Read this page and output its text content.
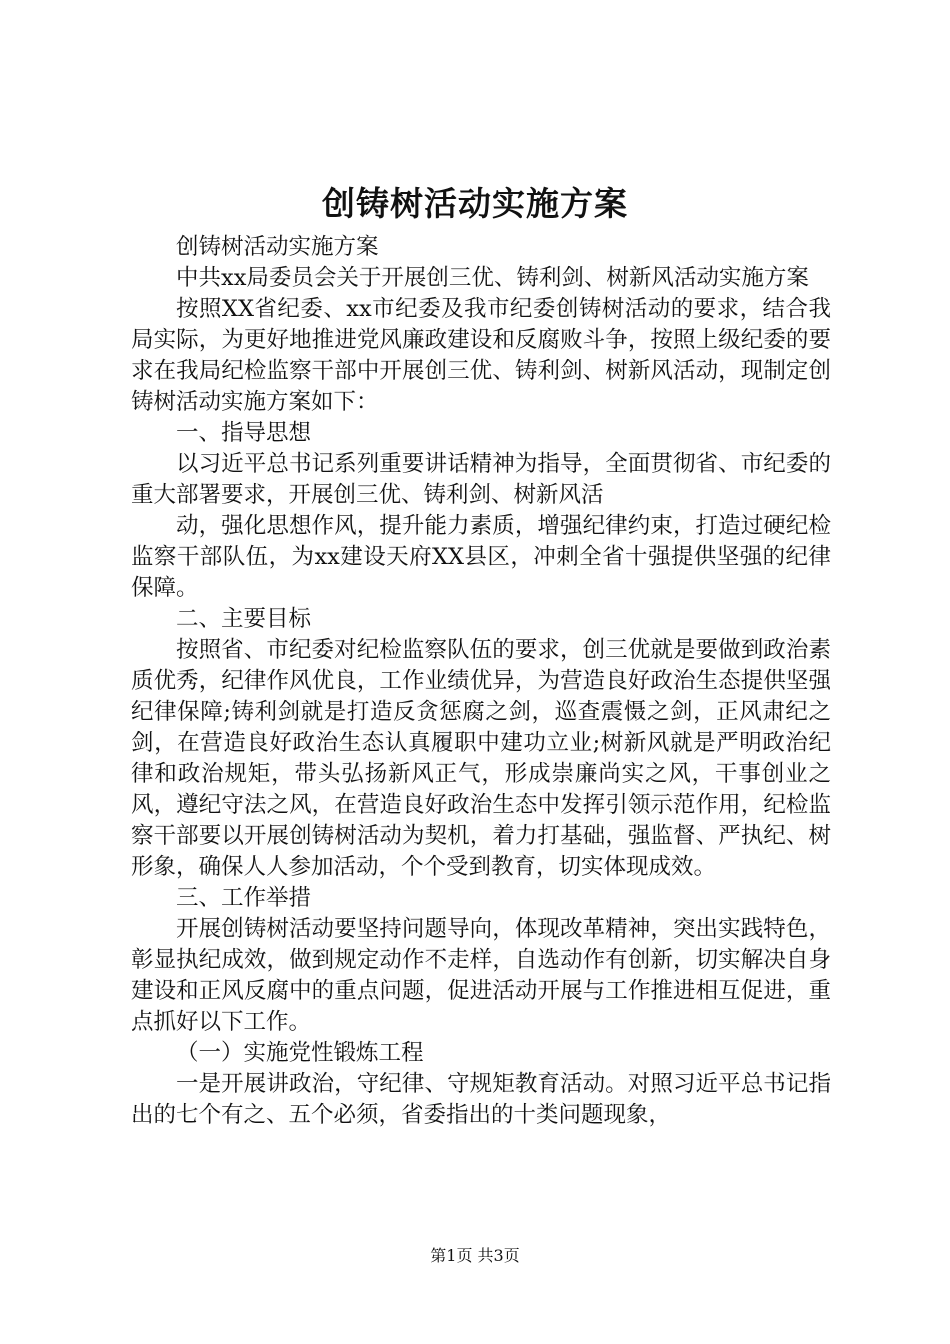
创铸树活动实施方案

创铸树活动实施方案

中共xx局委员会关于开展创三优、铸利剑、树新风活动实施方案

按照XX省纪委、xx市纪委及我市纪委创铸树活动的要求，结合我局实际，为更好地推进党风廉政建设和反腐败斗争，按照上级纪委的要求在我局纪检监察干部中开展创三优、铸利剑、树新风活动，现制定创铸树活动实施方案如下：

一、指导思想

以习近平总书记系列重要讲话精神为指导，全面贯彻省、市纪委的重大部署要求，开展创三优、铸利剑、树新风活

动，强化思想作风，提升能力素质，增强纪律约束，打造过硬纪检监察干部队伍，为xx建设天府XX县区，冲刺全省十强提供坚强的纪律保障。

二、主要目标

按照省、市纪委对纪检监察队伍的要求，创三优就是要做到政治素质优秀，纪律作风优良，工作业绩优异，为营造良好政治生态提供坚强纪律保障;铸利剑就是打造反贪惩腐之剑，巡查震慑之剑，正风肃纪之剑，在营造良好政治生态认真履职中建功立业;树新风就是严明政治纪律和政治规矩，带头弘扬新风正气，形成崇廉尚实之风，干事创业之风，遵纪守法之风，在营造良好政治生态中发挥引领示范作用，纪检监察干部要以开展创铸树活动为契机，着力打基础，强监督、严执纪、树形象，确保人人参加活动，个个受到教育，切实体现成效。

三、工作举措

开展创铸树活动要坚持问题导向，体现改革精神，突出实践特色，彰显执纪成效，做到规定动作不走样，自选动作有创新，切实解决自身建设和正风反腐中的重点问题，促进活动开展与工作推进相互促进，重点抓好以下工作。

（一）实施党性锻炼工程

一是开展讲政治，守纪律、守规矩教育活动。对照习近平总书记指出的七个有之、五个必须，省委指出的十类问题现象，

第1页 共3页
